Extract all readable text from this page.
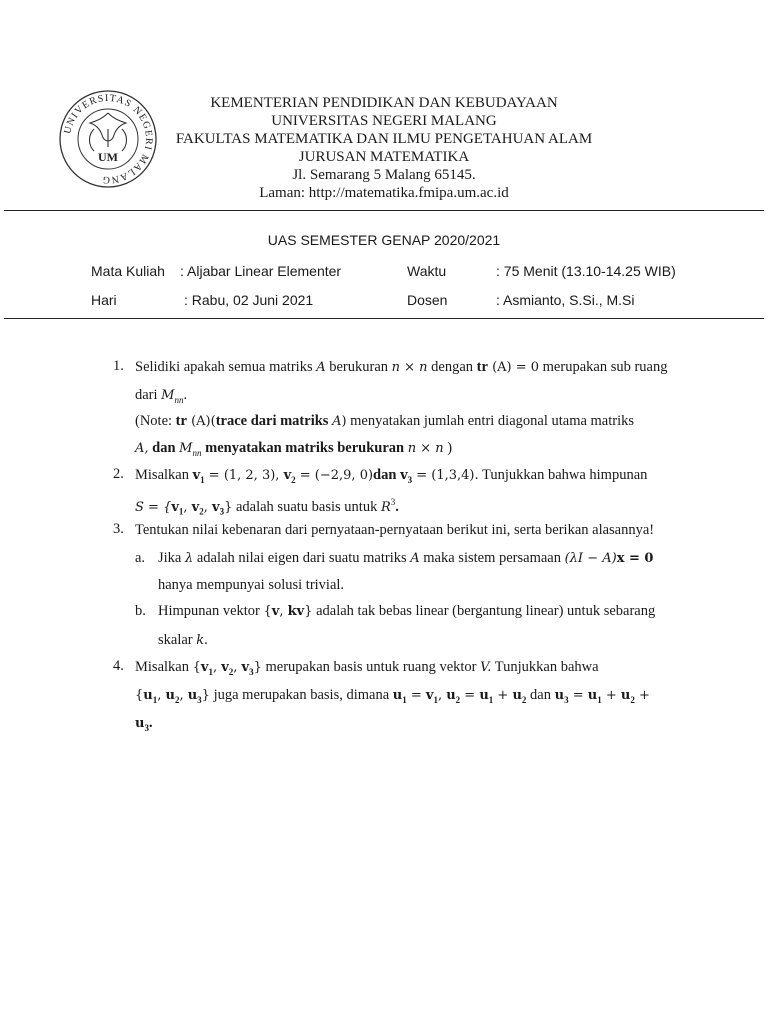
UNIVERSITAS NEGERI MALANG
UM
KEMENTERIAN PENDIDIKAN DAN KEBUDAYAAN
UNIVERSITAS NEGERI MALANG
FAKULTAS MATEMATIKA DAN ILMU PENGETAHUAN ALAM
JURUSAN MATEMATIKA
Jl. Semarang 5 Malang 65145.
Laman: http://matematika.fmipa.um.ac.id
UAS SEMESTER GENAP 2020/2021
Mata Kuliah : Aljabar Linear Elementer	Waktu	: 75 Menit (13.10-14.25 WIB)
Hari	: Rabu, 02 Juni 2021	Dosen	: Asmianto, S.Si., M.Si
1. Selidiki apakah semua matriks A berukuran n × n dengan tr (A) = 0 merupakan sub ruang
dari $M_{nn}$.
(Note: tr (A)(trace dari matriks A) menyatakan jumlah entri diagonal utama matriks
A, dan $M_{nn}$ menyatakan matriks berukuran n × n )
2. Misalkan $v_1 = (1$, 2, 3), $v_2 = (-2,9$, 0)dan $v_3 = (1,3,4)$. Tunjukkan bahwa himpunan
$S = \{v_1$, $v_2$, $v_3$} adalah suatu basis untuk $R^3$.
3. Tentukan nilai kebenaran dari pernyataan-pernyataan berikut ini, serta berikan alasannya!
a. Jika λ adalah nilai eigen dari suatu matriks A maka sistem persamaan (λI − A)x = 0
hanya mempunyai solusi trivial.
b. Himpunan vektor {v, kv} adalah tak bebas linear (bergantung linear) untuk sebarang
skalar k.
4. Misalkan {$v_1$, $v_2$, $v_3$} merupakan basis untuk ruang vektor V. Tunjukkan bahwa
{$u_1$, $u_2$, $u_3$} juga merupakan basis, dimana $u_1 = v_1$, $u_2 = u_1 + u_2$ dan $u_3 = u_1 + u_2$ +
$u_3$.
